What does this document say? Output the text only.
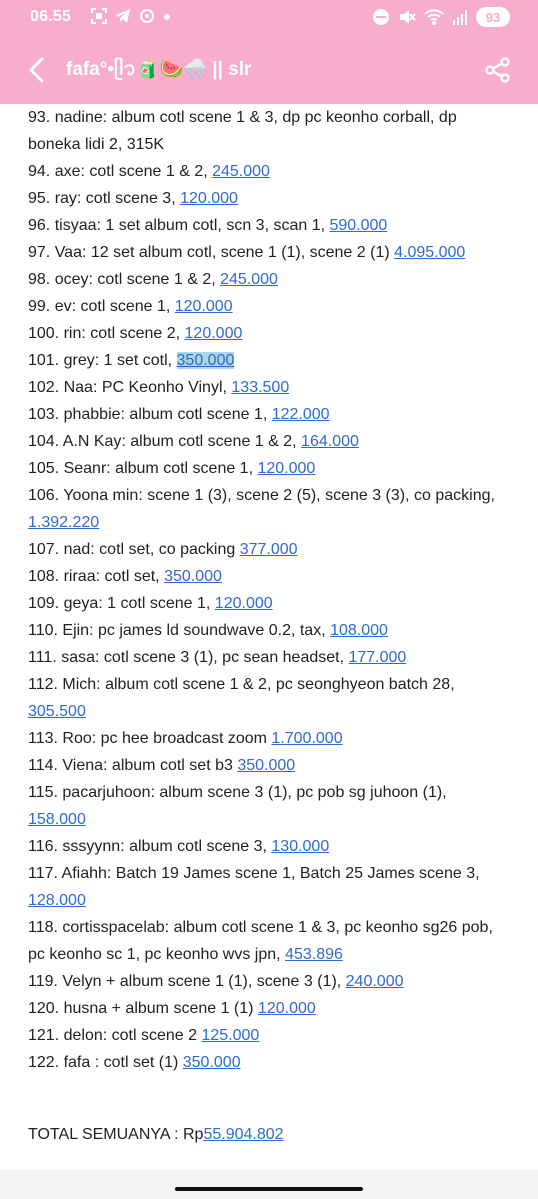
06.55	93
fafa°•ᥫ᭡🧃🍉🌨️ || slr
93. nadine: album cotl scene 1 & 3, dp pc keonho corball, dp
boneka lidi 2, 315K
94. axe: cotl scene 1 & 2, 245.000
95. ray: cotl scene 3, 120.000
96. tisyaa: 1 set album cotl, scn 3, scan 1, 590.000
97. Vaa: 12 set album cotl, scene 1 (1), scene 2 (1) 4.095.000
98. ocey: cotl scene 1 & 2, 245.000
99. ev: cotl scene 1, 120.000
100. rin: cotl scene 2, 120.000
101. grey: 1 set cotl, 350.000
102. Naa: PC Keonho Vinyl, 133.500
103. phabbie: album cotl scene 1, 122.000
104. A.N Kay: album cotl scene 1 & 2, 164.000
105. Seanr: album cotl scene 1, 120.000
106. Yoona min: scene 1 (3), scene 2 (5), scene 3 (3), co packing,
1.392.220
107. nad: cotl set, co packing 377.000
108. riraa: cotl set, 350.000
109. geya: 1 cotl scene 1, 120.000
110. Ejin: pc james ld soundwave 0.2, tax, 108.000
111. sasa: cotl scene 3 (1), pc sean headset, 177.000
112. Mich: album cotl scene 1 & 2, pc seonghyeon batch 28,
305.500
113. Roo: pc hee broadcast zoom 1.700.000
114. Viena: album cotl set b3 350.000
115. pacarjuhoon: album scene 3 (1), pc pob sg juhoon (1),
158.000
116. sssyynn: album cotl scene 3, 130.000
117. Afiahh: Batch 19 James scene 1, Batch 25 James scene 3,
128.000
118. cortisspacelab: album cotl scene 1 & 3, pc keonho sg26 pob,
pc keonho sc 1, pc keonho wvs jpn, 453.896
119. Velyn + album scene 1 (1), scene 3 (1), 240.000
120. husna + album scene 1 (1) 120.000
121. delon: cotl scene 2 125.000
122. fafa : cotl set (1) 350.000
TOTAL SEMUANYA : Rp55.904.802
